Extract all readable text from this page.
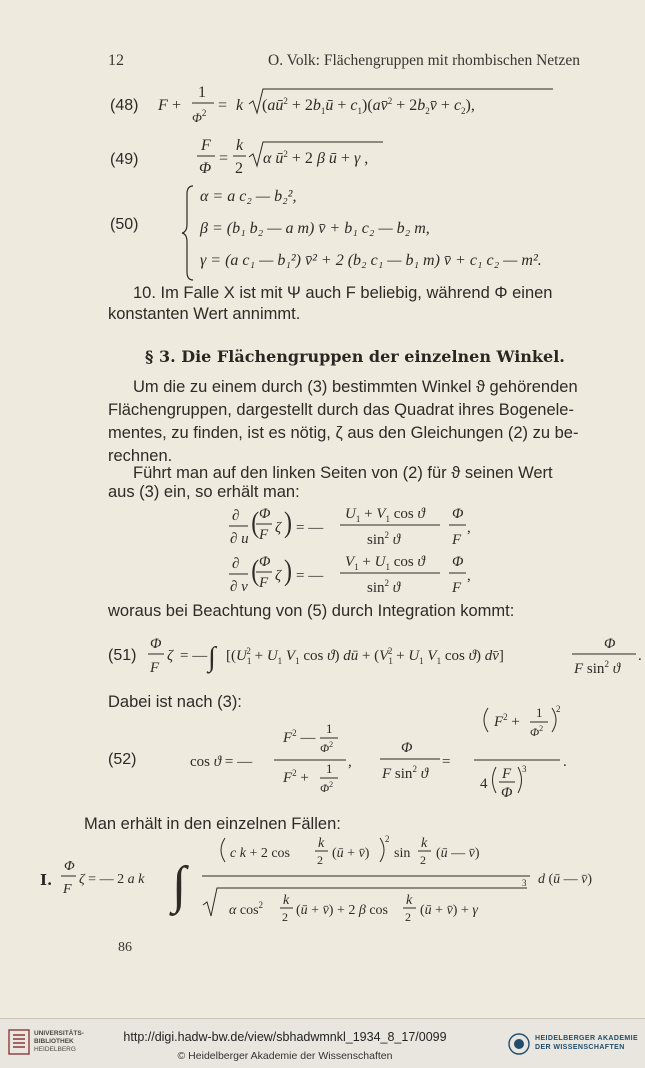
12	O. Volk: Flächengruppen mit rhombischen Netzen
(48) F +
1
$\Phi^2 = k$ ($aū^2$ + $2b_1ū$ + $c_1)(av̄^2$ + $2b_2v̄ + c_2$),
(49)
F
Φ
=
k
2
α $ū^2 + 2$ β ū + γ ,
(50)
α = a c₂ — b₂²,
β = (b₁ b₂ — a m) v̄ + b₁ c₂ — b₂ m,
γ = (a c₁ — b₁²) v̄² + 2 (b₂ c₁ — b₁ m) v̄ + c₁ c₂ — m².
10. Im Falle X ist mit Ψ auch F beliebig, während Φ einen
konstanten Wert annimmt.
§ 3. Die Flächengruppen der einzelnen Winkel.
Um die zu einem durch (3) bestimmten Winkel ϑ gehörenden
Flächengruppen, dargestellt durch das Quadrat ihres Bogenele-
mentes, zu finden, ist es nötig, ζ aus den Gleichungen (2) zu be-
rechnen.
Führt man auf den linken Seiten von (2) für ϑ seinen Wert
aus (3) ein, so erhält man:
∂
∂ u
( Φ
F ζ ) = —
$U_1 + V_1$ cos ϑ
$\sin^2 ϑ$
Φ
F
,
∂
∂ v
( Φ
F ζ ) = —
$V_1 + U_1$ cos ϑ
$\sin^2 ϑ$
Φ
F
,
woraus bei Beachtung von (5) durch Integration kommt:
(51)
Φ
F
ζ = — ∫ [($U_12 + U_1$ $V_1$ cos ϑ) dū + ($V_12 + U_1$ $V_1$ cos ϑ) dv̄]
Φ
F $\sin^2 ϑ$
.
Dabei ist nach (3):
(52)	cos ϑ = —
$F^2$ —
1
$\Phi^2$
$F^2$ +
1
$\Phi^2$
,
Φ
F $\sin^2 ϑ$
=
$F^2$ +
1
$\Phi^2$
2
4
F
Φ
3 .
Man erhält in den einzelnen Fällen:
I.
Φ
F
ζ = — 2 a k ∫
c k + 2 cos
k
2 (ū + v̄)
2
sin
k
2 (ū — v̄)
3 d (ū — v̄)
α $\cos^2 k$
2 (ū + v̄) + 2 β cos
k
2 (ū + v̄) + γ
86
UNIVERSITÄTS-
BIBLIOTHEK
HEIDELBERG
http://digi.hadw-bw.de/view/sbhadwmnkl_1934_8_17/0099
© Heidelberger Akademie der Wissenschaften
HEIDELBERGER AKADEMIE
DER WISSENSCHAFTEN
